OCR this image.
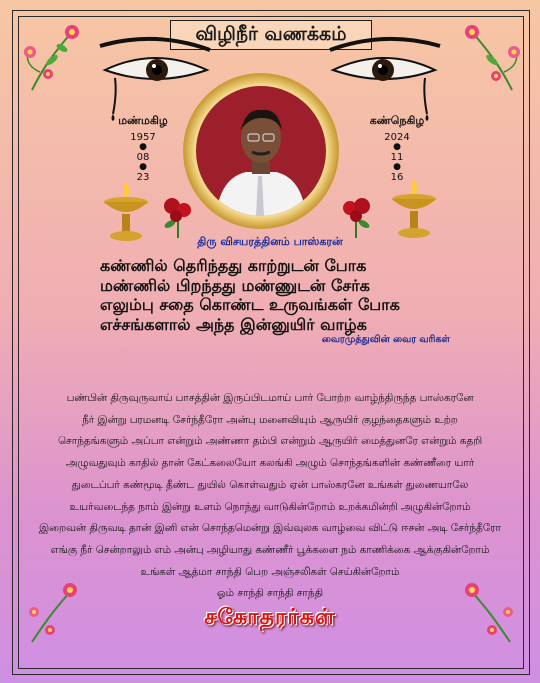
விழிநீர் வணக்கம்
மண்மகிழ
1957
●
08
●
23
கண்நெகிழ
2024
●
11
●
16
திரு விசயரத்தினம் பாஸ்கரன்
கண்ணில் தெரிந்தது காற்றுடன் போக
மண்ணில் பிறந்தது மண்ணுடன் சேர்க
எலும்பு சதை கொண்ட உருவங்கள் போக
எச்சங்களால் அந்த இன்னுயிர் வாழ்க
வைரமுத்துவின் வைர வரிகள்
பண்பின் திருவுருவாய் பாசத்தின் இருப்பிடமாய் பார் போற்ற வாழ்ந்திருந்த பாஸ்கரனே
நீர் இன்று பரமனடி சேர்ந்தீரோ அன்பு மனைவியும் ஆருயிர் குழந்தைகளும் உற்ற
சொந்தங்களும் அப்பா என்றும் அண்ணா தம்பி என்றும் ஆருயிர் மைத்துனரே என்றும் கதறி
அழுவதுவும் காதில் தான் கேட்கலையோ கலங்கி அழும் சொந்தங்களின் கண்ணீரை யார்
துடைப்பர் கண்மூடி தீண்ட துயில் கொள்வதும் ஏன் பாஸ்கரனே உங்கள் துணையாலே
உயர்வடைந்த நாம் இன்று உளம் நொந்து வாடுகின்றோம் உறக்கமின்றி அழுகின்றோம்
இறைவன் திருவடி தான் இனி என் சொந்தமென்று இவ்வுலக வாழ்வை விட்டு ஈசன் அடி சேர்ந்தீரோ
எங்கு நீர் சென்றாலும் எம் அன்பு அழியாது கண்ணீர் பூக்களை நம் காணிக்கை ஆக்குகின்றோம்
உங்கள் ஆத்மா சாந்தி பெற அஞ்சலிகள் செய்கின்றோம்
ஓம் சாந்தி சாந்தி சாந்தி
சகோதரர்கள்
